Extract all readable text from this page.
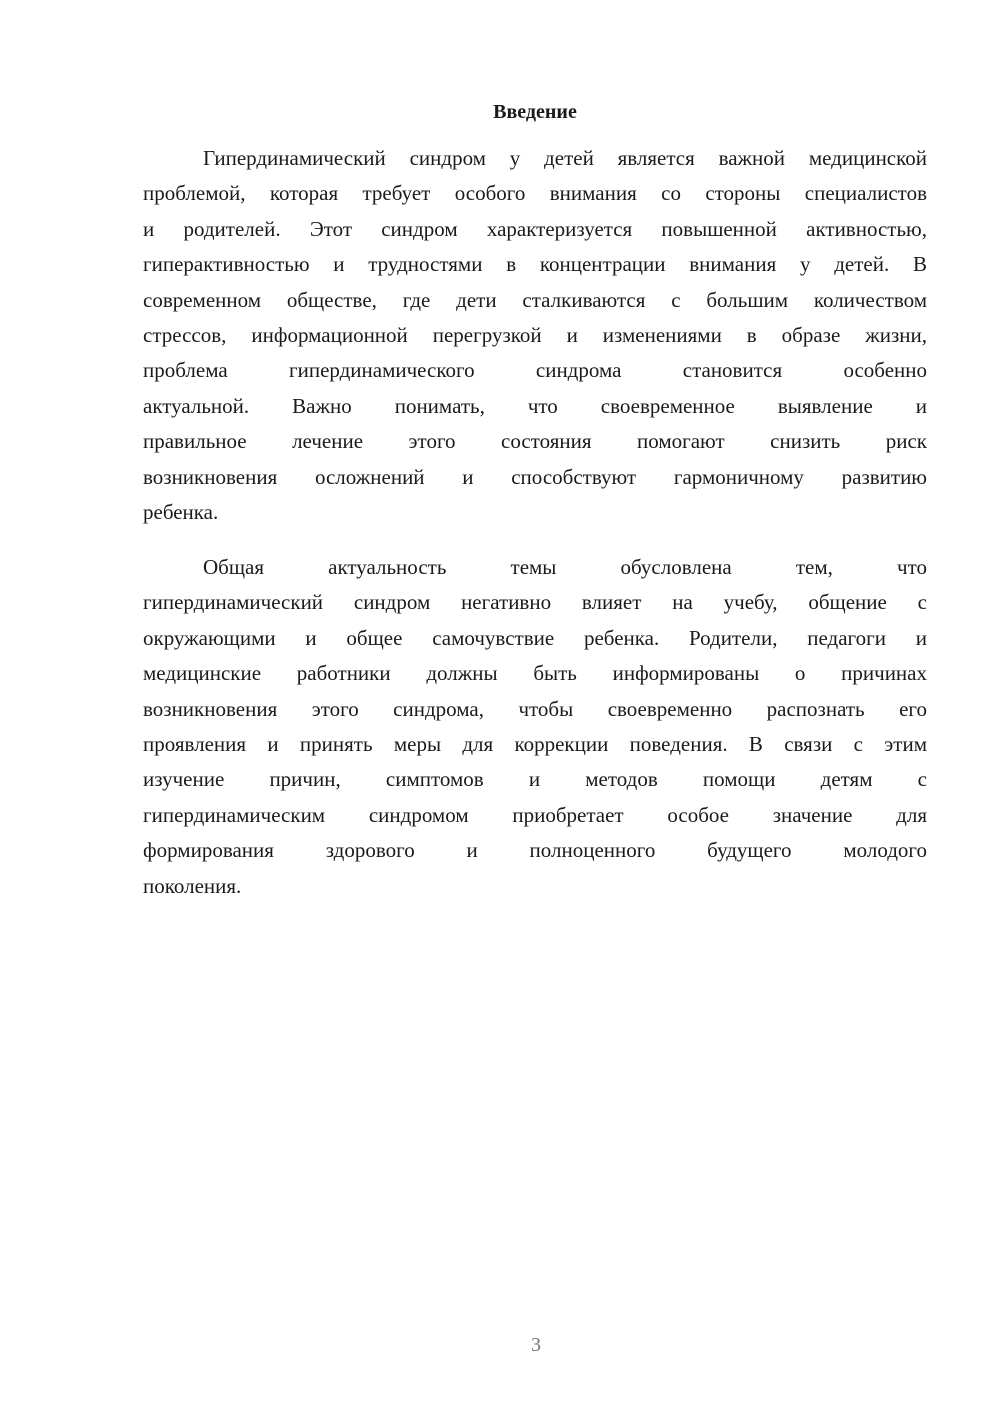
Введение
Гипердинамический синдром у детей является важной медицинской
проблемой, которая требует особого внимания со стороны специалистов
и родителей. Этот синдром характеризуется повышенной активностью,
гиперактивностью и трудностями в концентрации внимания у детей. В
современном обществе, где дети сталкиваются с большим количеством
стрессов, информационной перегрузкой и изменениями в образе жизни,
проблема гипердинамического синдрома становится особенно
актуальной. Важно понимать, что своевременное выявление и
правильное лечение этого состояния помогают снизить риск
возникновения осложнений и способствуют гармоничному развитию
ребенка.
Общая актуальность темы обусловлена тем, что
гипердинамический синдром негативно влияет на учебу, общение с
окружающими и общее самочувствие ребенка. Родители, педагоги и
медицинские работники должны быть информированы о причинах
возникновения этого синдрома, чтобы своевременно распознать его
проявления и принять меры для коррекции поведения. В связи с этим
изучение причин, симптомов и методов помощи детям с
гипердинамическим синдромом приобретает особое значение для
формирования здорового и полноценного будущего молодого
поколения.
3
